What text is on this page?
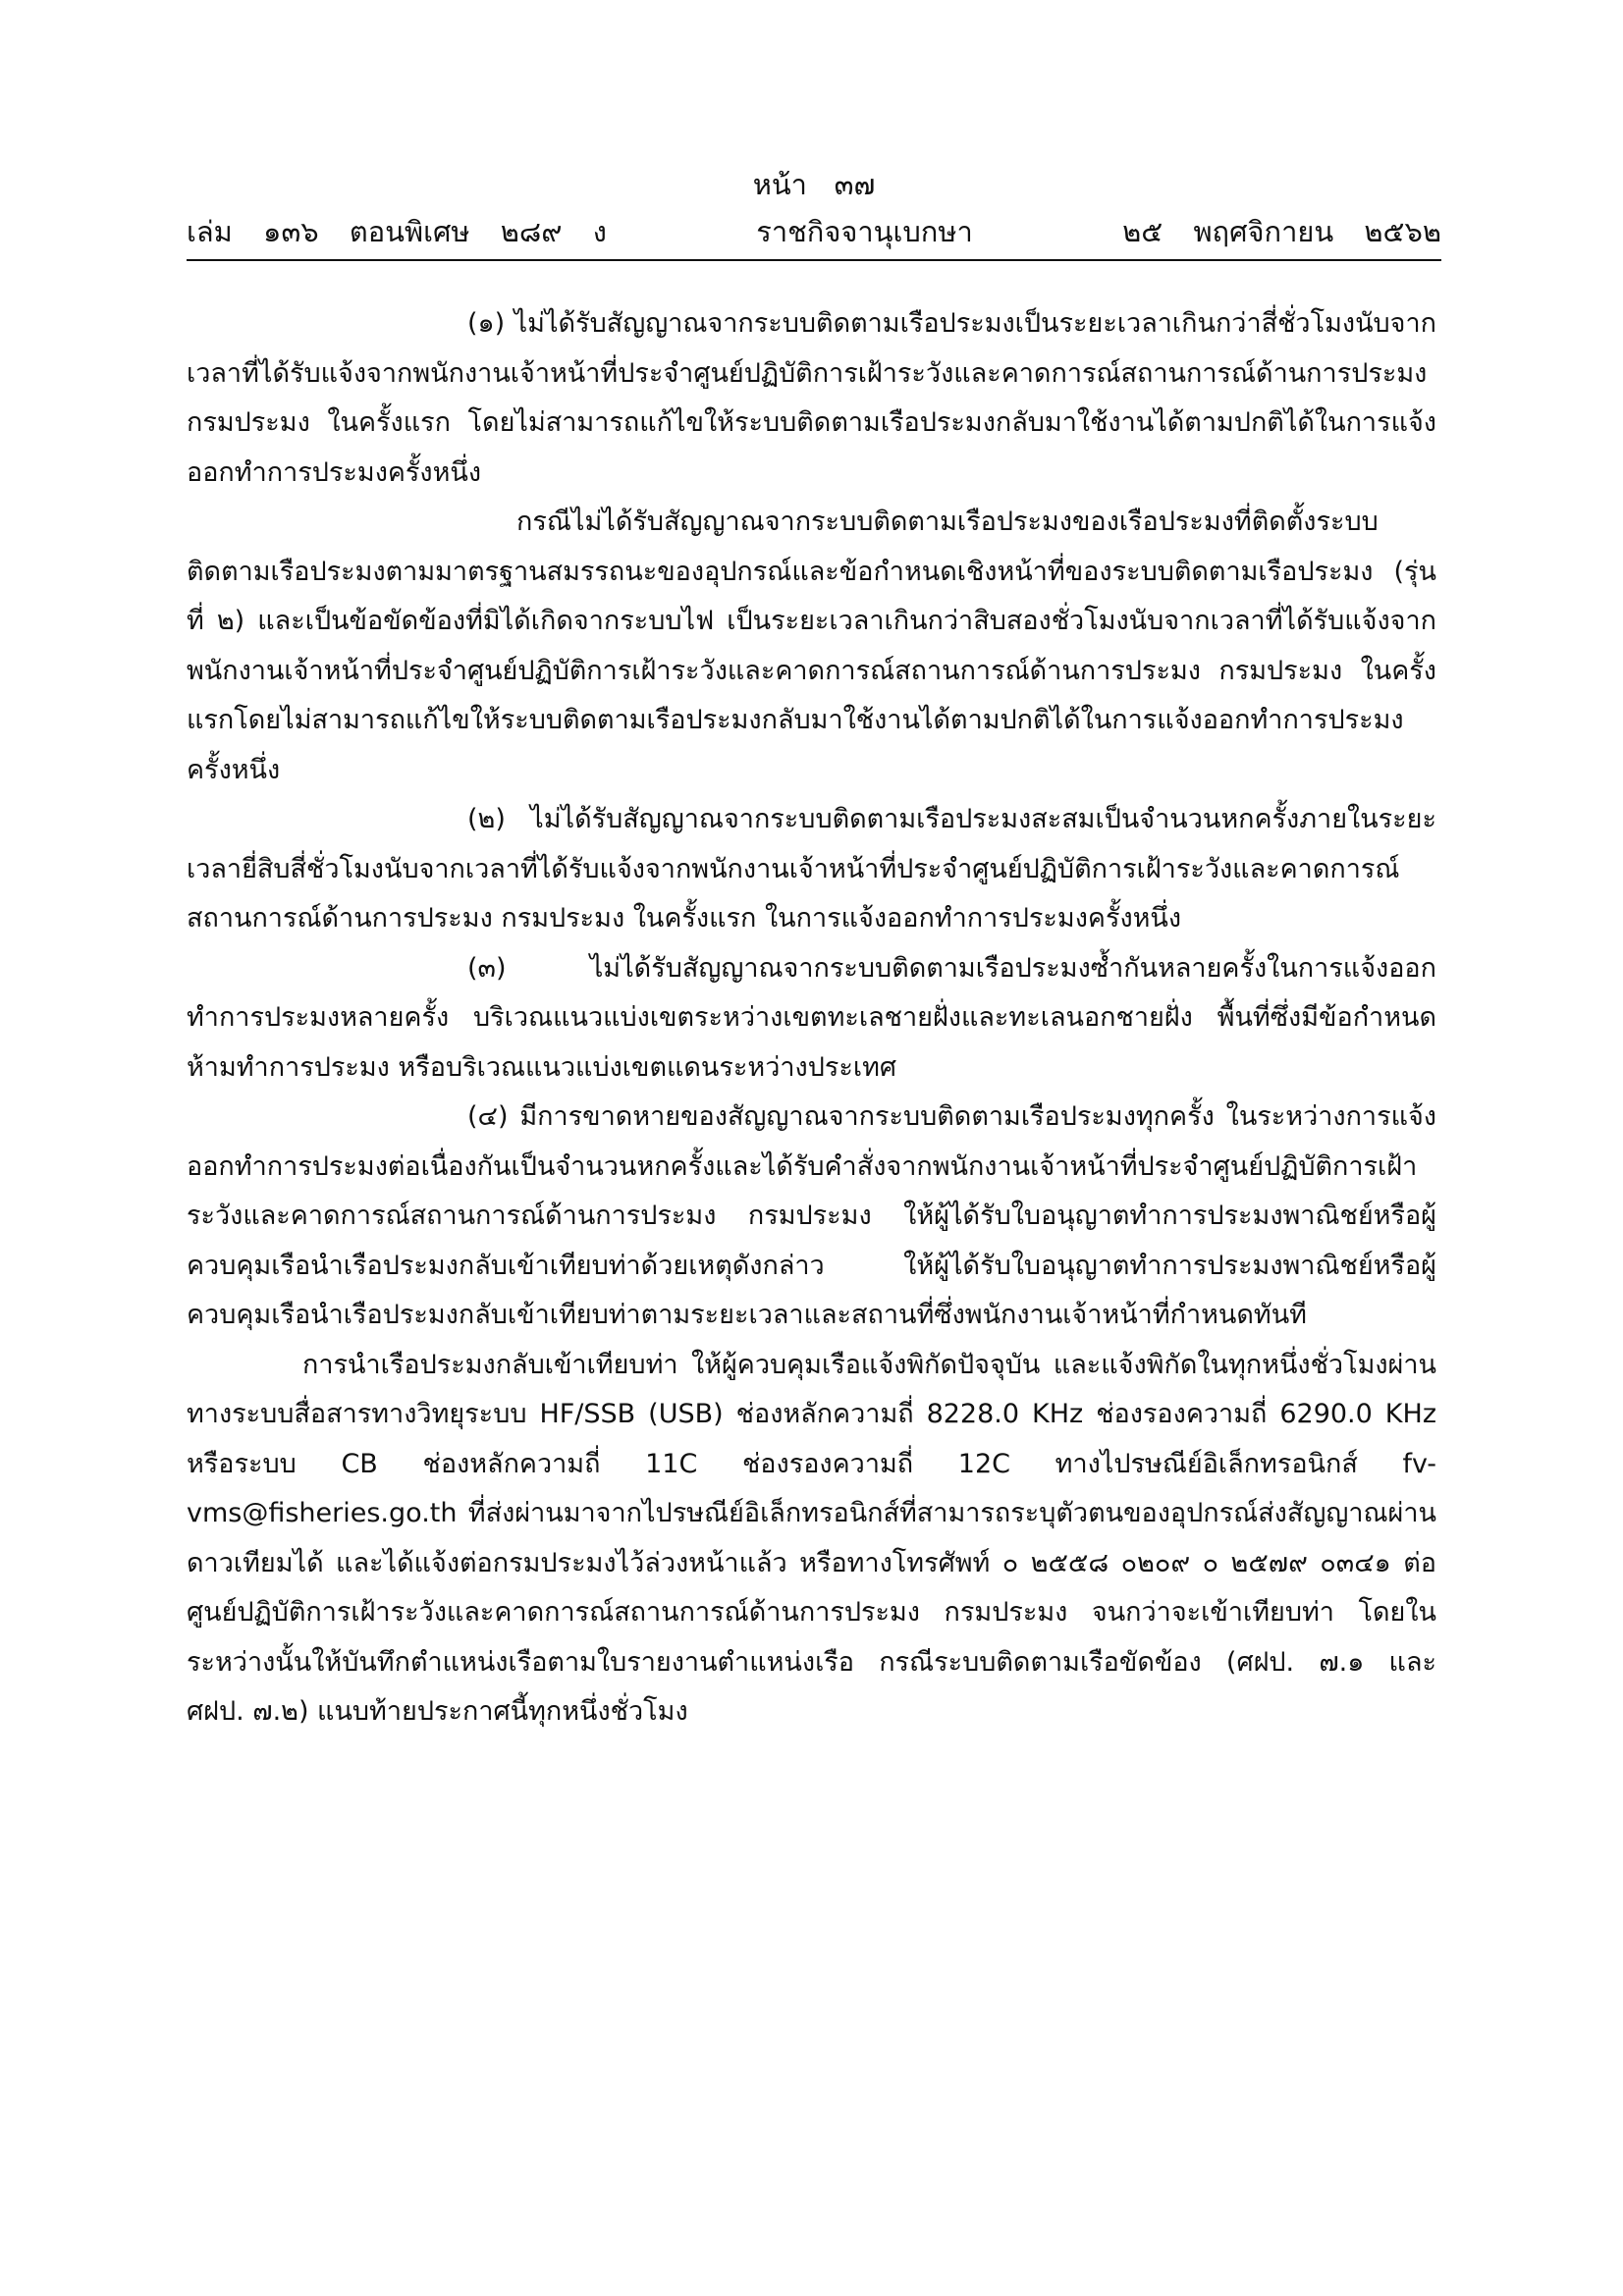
หน้า ๓๗
เล่ม ๑๓๖ ตอนพิเศษ ๒๘๙ ง	ราชกิจจานุเบกษา	๒๕ พฤศจิกายน ๒๕๖๒

(๑) ไม่ได้รับสัญญาณจากระบบติดตามเรือประมงเป็นระยะเวลาเกินกว่าสี่ชั่วโมงนับจากเวลาที่ได้รับแจ้งจากพนักงานเจ้าหน้าที่ประจำศูนย์ปฏิบัติการเฝ้าระวังและคาดการณ์สถานการณ์ด้านการประมง กรมประมง ในครั้งแรก โดยไม่สามารถแก้ไขให้ระบบติดตามเรือประมงกลับมาใช้งานได้ตามปกติได้ในการแจ้งออกทำการประมงครั้งหนึ่ง

กรณีไม่ได้รับสัญญาณจากระบบติดตามเรือประมงของเรือประมงที่ติดตั้งระบบติดตามเรือประมงตามมาตรฐานสมรรถนะของอุปกรณ์และข้อกำหนดเชิงหน้าที่ของระบบติดตามเรือประมง (รุ่นที่ ๒) และเป็นข้อขัดข้องที่มิได้เกิดจากระบบไฟ เป็นระยะเวลาเกินกว่าสิบสองชั่วโมงนับจากเวลาที่ได้รับแจ้งจากพนักงานเจ้าหน้าที่ประจำศูนย์ปฏิบัติการเฝ้าระวังและคาดการณ์สถานการณ์ด้านการประมง กรมประมง ในครั้งแรกโดยไม่สามารถแก้ไขให้ระบบติดตามเรือประมงกลับมาใช้งานได้ตามปกติได้ในการแจ้งออกทำการประมงครั้งหนึ่ง

(๒) ไม่ได้รับสัญญาณจากระบบติดตามเรือประมงสะสมเป็นจำนวนหกครั้งภายในระยะเวลายี่สิบสี่ชั่วโมงนับจากเวลาที่ได้รับแจ้งจากพนักงานเจ้าหน้าที่ประจำศูนย์ปฏิบัติการเฝ้าระวังและคาดการณ์สถานการณ์ด้านการประมง กรมประมง ในครั้งแรก ในการแจ้งออกทำการประมงครั้งหนึ่ง

(๓) ไม่ได้รับสัญญาณจากระบบติดตามเรือประมงซ้ำกันหลายครั้งในการแจ้งออกทำการประมงหลายครั้ง บริเวณแนวแบ่งเขตระหว่างเขตทะเลชายฝั่งและทะเลนอกชายฝั่ง พื้นที่ซึ่งมีข้อกำหนดห้ามทำการประมง หรือบริเวณแนวแบ่งเขตแดนระหว่างประเทศ

(๔) มีการขาดหายของสัญญาณจากระบบติดตามเรือประมงทุกครั้ง ในระหว่างการแจ้งออกทำการประมงต่อเนื่องกันเป็นจำนวนหกครั้งและได้รับคำสั่งจากพนักงานเจ้าหน้าที่ประจำศูนย์ปฏิบัติการเฝ้าระวังและคาดการณ์สถานการณ์ด้านการประมง กรมประมง ให้ผู้ได้รับใบอนุญาตทำการประมงพาณิชย์หรือผู้ควบคุมเรือนำเรือประมงกลับเข้าเทียบท่าด้วยเหตุดังกล่าว ให้ผู้ได้รับใบอนุญาตทำการประมงพาณิชย์หรือผู้ควบคุมเรือนำเรือประมงกลับเข้าเทียบท่าตามระยะเวลาและสถานที่ซึ่งพนักงานเจ้าหน้าที่กำหนดทันที

การนำเรือประมงกลับเข้าเทียบท่า ให้ผู้ควบคุมเรือแจ้งพิกัดปัจจุบัน และแจ้งพิกัดในทุกหนึ่งชั่วโมงผ่านทางระบบสื่อสารทางวิทยุระบบ HF/SSB (USB) ช่องหลักความถี่ 8228.0 KHz ช่องรองความถี่ 6290.0 KHz หรือระบบ CB ช่องหลักความถี่ 11C ช่องรองความถี่ 12C ทางไปรษณีย์อิเล็กทรอนิกส์ fv-vms@fisheries.go.th ที่ส่งผ่านมาจากไปรษณีย์อิเล็กทรอนิกส์ที่สามารถระบุตัวตนของอุปกรณ์ส่งสัญญาณผ่านดาวเทียมได้ และได้แจ้งต่อกรมประมงไว้ล่วงหน้าแล้ว หรือทางโทรศัพท์ ๐ ๒๕๕๘ ๐๒๐๙ ๐ ๒๕๗๙ ๐๓๔๑ ต่อศูนย์ปฏิบัติการเฝ้าระวังและคาดการณ์สถานการณ์ด้านการประมง กรมประมง จนกว่าจะเข้าเทียบท่า โดยในระหว่างนั้นให้บันทึกตำแหน่งเรือตามใบรายงานตำแหน่งเรือ กรณีระบบติดตามเรือขัดข้อง (ศฝป. ๗.๑ และ ศฝป. ๗.๒) แนบท้ายประกาศนี้ทุกหนึ่งชั่วโมง
